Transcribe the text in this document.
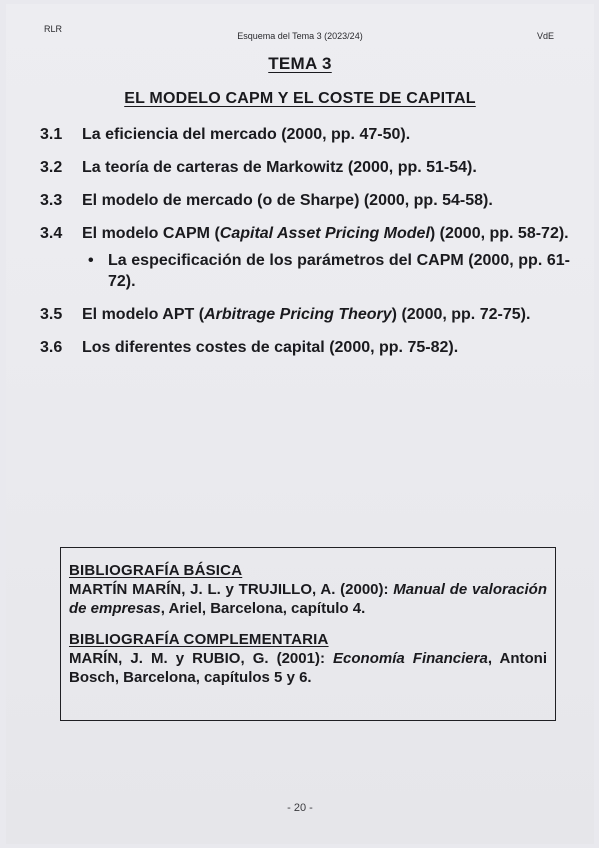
RLR
Esquema del Tema 3 (2023/24)	VdE
TEMA 3
EL MODELO CAPM Y EL COSTE DE CAPITAL
3.1 La eficiencia del mercado (2000, pp. 47-50).
3.2 La teoría de carteras de Markowitz (2000, pp. 51-54).
3.3 El modelo de mercado (o de Sharpe) (2000, pp. 54-58).
3.4 El modelo CAPM (Capital Asset Pricing Model) (2000, pp. 58-72).
• La especificación de los parámetros del CAPM (2000, pp. 61-72).
3.5 El modelo APT (Arbitrage Pricing Theory) (2000, pp. 72-75).
3.6 Los diferentes costes de capital (2000, pp. 75-82).
BIBLIOGRAFÍA BÁSICA
MARTÍN MARÍN, J. L. y TRUJILLO, A. (2000): Manual de valoración de empresas, Ariel, Barcelona, capítulo 4.
BIBLIOGRAFÍA COMPLEMENTARIA
MARÍN, J. M. y RUBIO, G. (2001): Economía Financiera, Antoni Bosch, Barcelona, capítulos 5 y 6.
- 20 -
